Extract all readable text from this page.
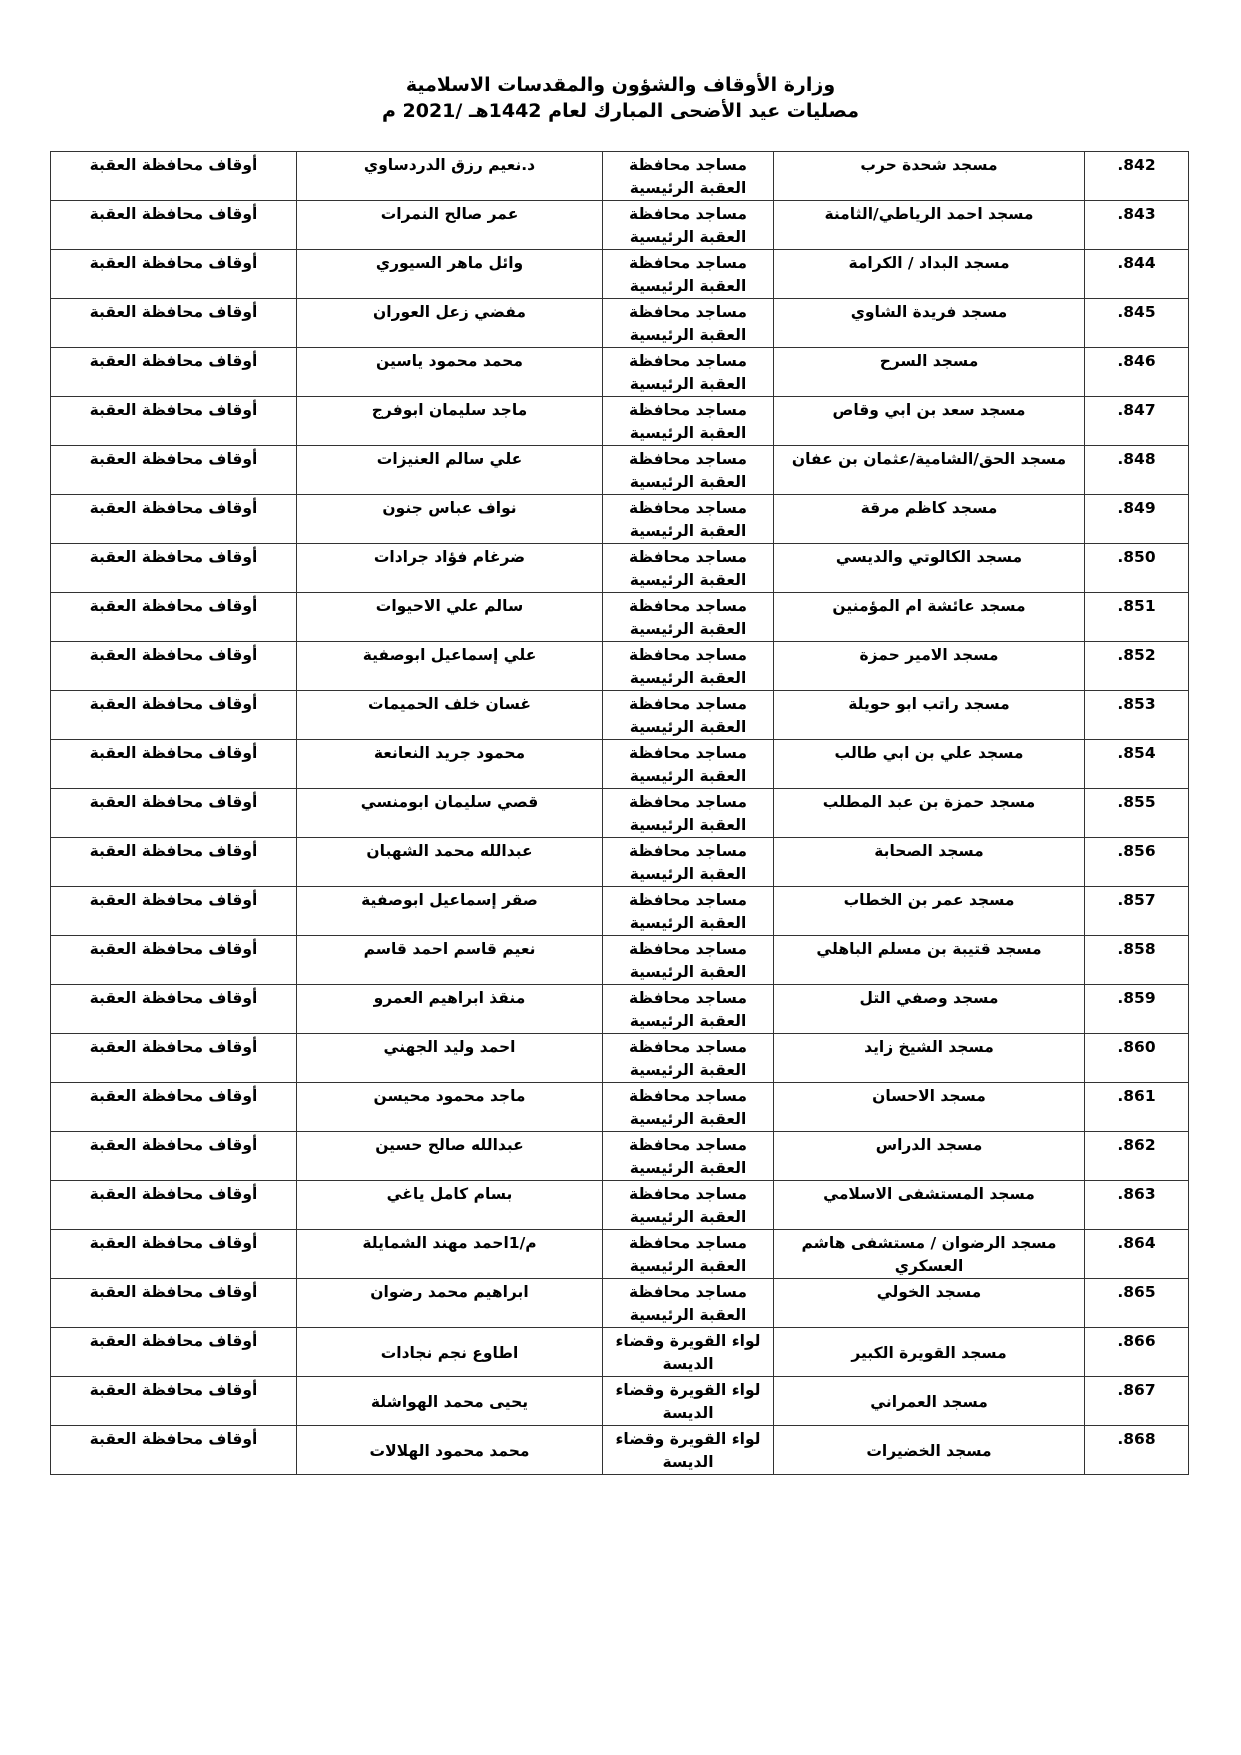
وزارة الأوقاف والشؤون والمقدسات الاسلامية
مصليات عيد الأضحى المبارك لعام 1442هـ /2021 م
842.	مسجد شحدة حرب	مساجد محافظة العقبة الرئيسية	د.نعيم رزق الدردساوي	أوقاف محافظة العقبة
843.	مسجد احمد الرياطي/الثامنة	مساجد محافظة العقبة الرئيسية	عمر صالح النمرات	أوقاف محافظة العقبة
844.	مسجد البداد / الكرامة	مساجد محافظة العقبة الرئيسية	وائل ماهر السيوري	أوقاف محافظة العقبة
845.	مسجد فريدة الشاوي	مساجد محافظة العقبة الرئيسية	مفضي زعل العوران	أوقاف محافظة العقبة
846.	مسجد السرح	مساجد محافظة العقبة الرئيسية	محمد محمود ياسين	أوقاف محافظة العقبة
847.	مسجد سعد بن ابي وقاص	مساجد محافظة العقبة الرئيسية	ماجد سليمان ابوفرج	أوقاف محافظة العقبة
848.	مسجد الحق/الشامية/عثمان بن عفان	مساجد محافظة العقبة الرئيسية	علي سالم العنيزات	أوقاف محافظة العقبة
849.	مسجد كاظم مرقة	مساجد محافظة العقبة الرئيسية	نواف عباس جنون	أوقاف محافظة العقبة
850.	مسجد الكالوتي والديسي	مساجد محافظة العقبة الرئيسية	ضرغام فؤاد جرادات	أوقاف محافظة العقبة
851.	مسجد عائشة ام المؤمنين	مساجد محافظة العقبة الرئيسية	سالم علي الاحيوات	أوقاف محافظة العقبة
852.	مسجد الامير حمزة	مساجد محافظة العقبة الرئيسية	علي إسماعيل ابوصفية	أوقاف محافظة العقبة
853.	مسجد راتب ابو حويلة	مساجد محافظة العقبة الرئيسية	غسان خلف الحميمات	أوقاف محافظة العقبة
854.	مسجد علي بن ابي طالب	مساجد محافظة العقبة الرئيسية	محمود جريد النعانعة	أوقاف محافظة العقبة
855.	مسجد حمزة بن عبد المطلب	مساجد محافظة العقبة الرئيسية	قصي سليمان ابومنسي	أوقاف محافظة العقبة
856.	مسجد الصحابة	مساجد محافظة العقبة الرئيسية	عبدالله محمد الشهبان	أوقاف محافظة العقبة
857.	مسجد عمر بن الخطاب	مساجد محافظة العقبة الرئيسية	صقر إسماعيل ابوصفية	أوقاف محافظة العقبة
858.	مسجد قتيبة بن مسلم الباهلي	مساجد محافظة العقبة الرئيسية	نعيم قاسم احمد قاسم	أوقاف محافظة العقبة
859.	مسجد وصفي التل	مساجد محافظة العقبة الرئيسية	منقذ ابراهيم العمرو	أوقاف محافظة العقبة
860.	مسجد الشيخ زايد	مساجد محافظة العقبة الرئيسية	احمد وليد الجهني	أوقاف محافظة العقبة
861.	مسجد الاحسان	مساجد محافظة العقبة الرئيسية	ماجد محمود محيسن	أوقاف محافظة العقبة
862.	مسجد الدراس	مساجد محافظة العقبة الرئيسية	عبدالله صالح حسين	أوقاف محافظة العقبة
863.	مسجد المستشفى الاسلامي	مساجد محافظة العقبة الرئيسية	بسام كامل ياغي	أوقاف محافظة العقبة
864.	مسجد الرضوان / مستشفى هاشم العسكري	مساجد محافظة العقبة الرئيسية	م/1احمد مهند الشمايلة	أوقاف محافظة العقبة
865.	مسجد الخولي	مساجد محافظة العقبة الرئيسية	ابراهيم محمد رضوان	أوقاف محافظة العقبة
866.	مسجد القويرة الكبير	لواء القويرة وقضاء الديسة	اطاوع نجم نجادات	أوقاف محافظة العقبة
867.	مسجد العمراني	لواء القويرة وقضاء الديسة	يحيى محمد الهواشلة	أوقاف محافظة العقبة
868.	مسجد الخضيرات	لواء القويرة وقضاء الديسة	محمد محمود الهلالات	أوقاف محافظة العقبة
